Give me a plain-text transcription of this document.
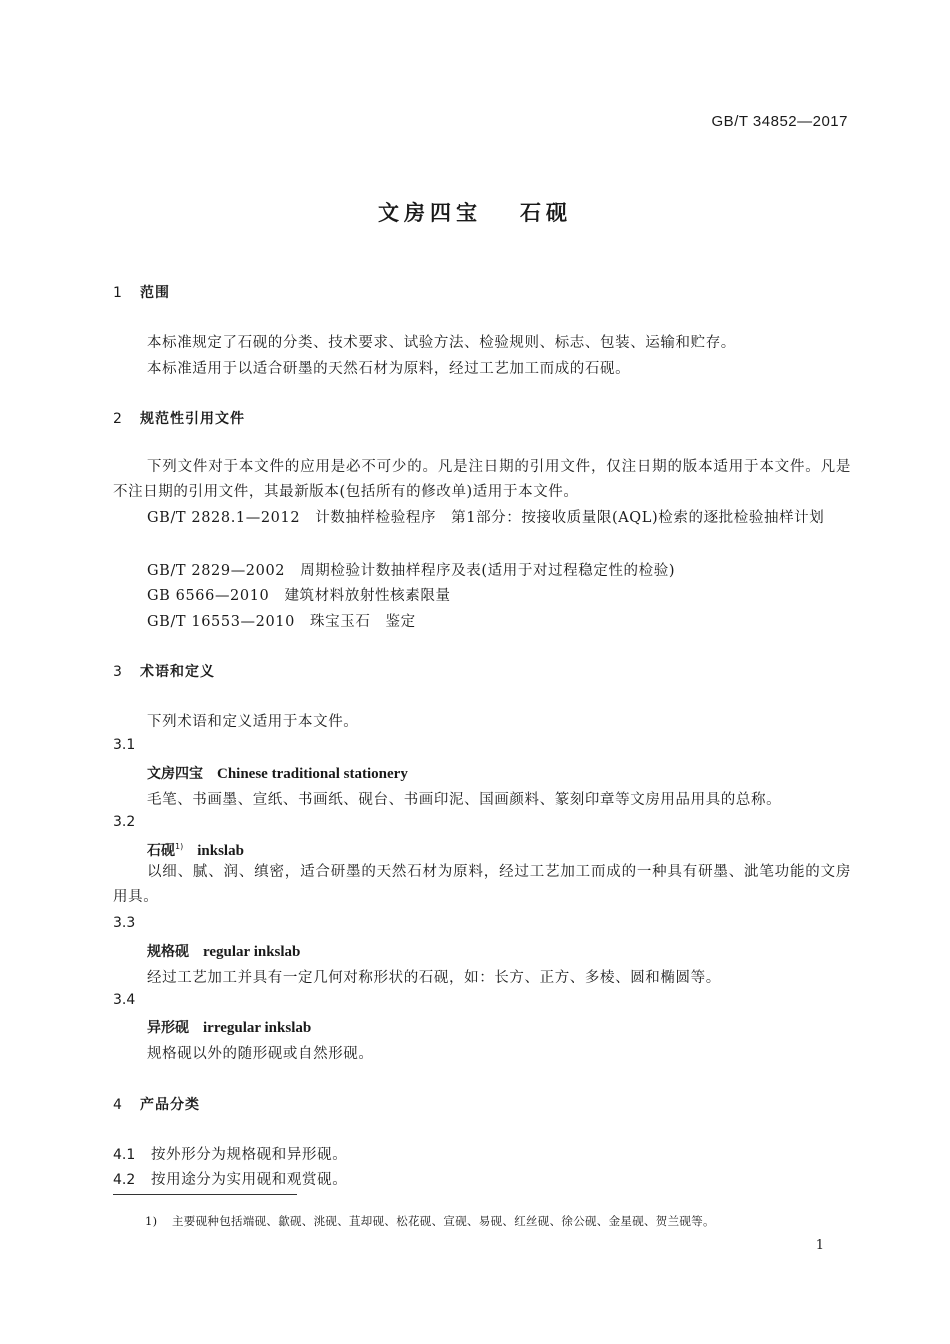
GB/T 34852—2017
文房四宝 石砚
1 范围
本标准规定了石砚的分类、技术要求、试验方法、检验规则、标志、包装、运输和贮存。
本标准适用于以适合研墨的天然石材为原料，经过工艺加工而成的石砚。
2 规范性引用文件
下列文件对于本文件的应用是必不可少的。凡是注日期的引用文件，仅注日期的版本适用于本文件。凡是不注日期的引用文件，其最新版本(包括所有的修改单)适用于本文件。
GB/T 2828.1—2012　计数抽样检验程序　第1部分：按接收质量限(AQL)检索的逐批检验抽样计划
GB/T 2829—2002　周期检验计数抽样程序及表(适用于对过程稳定性的检验)
GB 6566—2010　建筑材料放射性核素限量
GB/T 16553—2010　珠宝玉石　鉴定
3 术语和定义
下列术语和定义适用于本文件。
3.1
文房四宝 Chinese traditional stationery
毛笔、书画墨、宣纸、书画纸、砚台、书画印泥、国画颜料、篆刻印章等文房用品用具的总称。
3.2
石砚$^{1)}$ inkslab
以细、腻、润、缜密，适合研墨的天然石材为原料，经过工艺加工而成的一种具有研墨、泚笔功能的文房用具。
3.3
规格砚 regular inkslab
经过工艺加工并具有一定几何对称形状的石砚，如：长方、正方、多棱、圆和椭圆等。
3.4
异形砚 irregular inkslab
规格砚以外的随形砚或自然形砚。
4 产品分类
4.1 按外形分为规格砚和异形砚。
4.2 按用途分为实用砚和观赏砚。
1) 主要砚种包括端砚、歙砚、洮砚、苴却砚、松花砚、宣砚、易砚、红丝砚、徐公砚、金星砚、贺兰砚等。
1
